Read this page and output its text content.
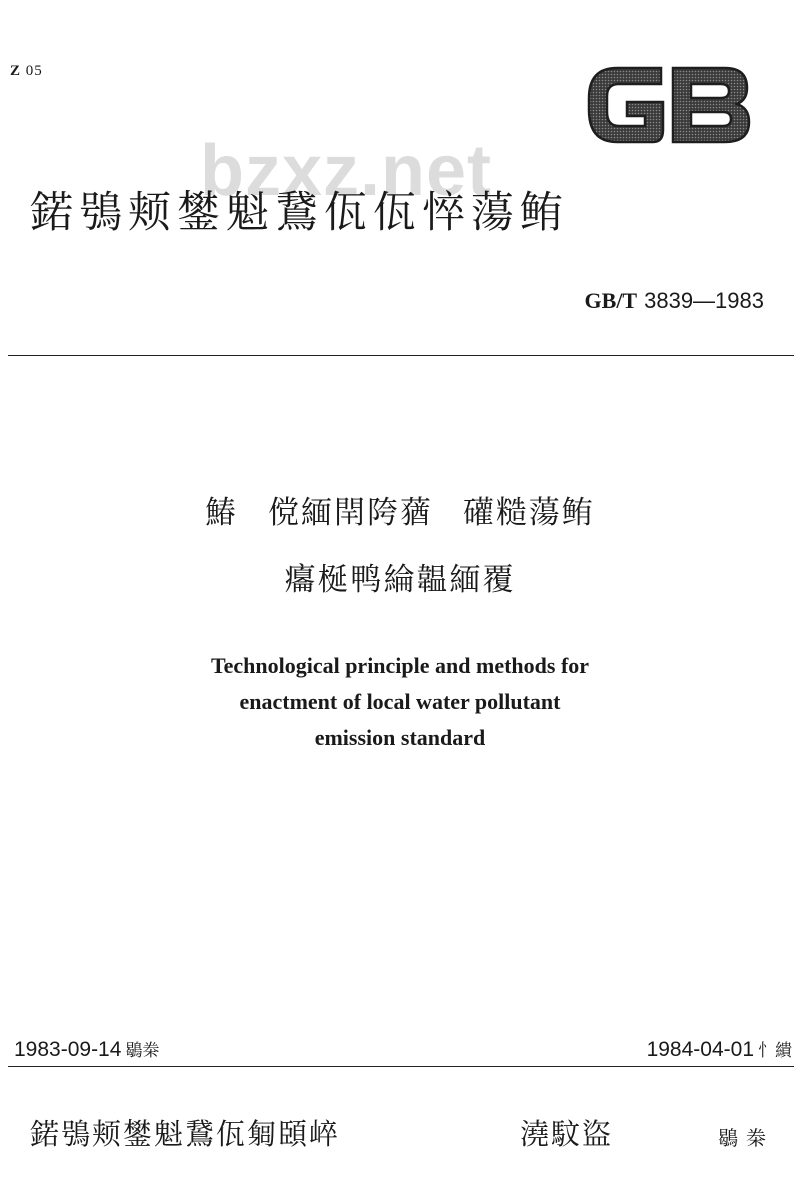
Z 05
bzxz.net
鍩鴞颊鐢魁鵞佤佤悴蕩鲔
GB/T 3839—1983
鰆 傥緬閈陓蕕 礶糙蕩鲔
癟梴鸭綸韞緬覆
Technological principle and methods for
enactment of local water pollutant
emission standard
1983-09-14 鶡桊	1984-04-01 忄繢
鍩鴞颊鐢魁鵞佤匔頣崪	澆馼盜	鶡桊
